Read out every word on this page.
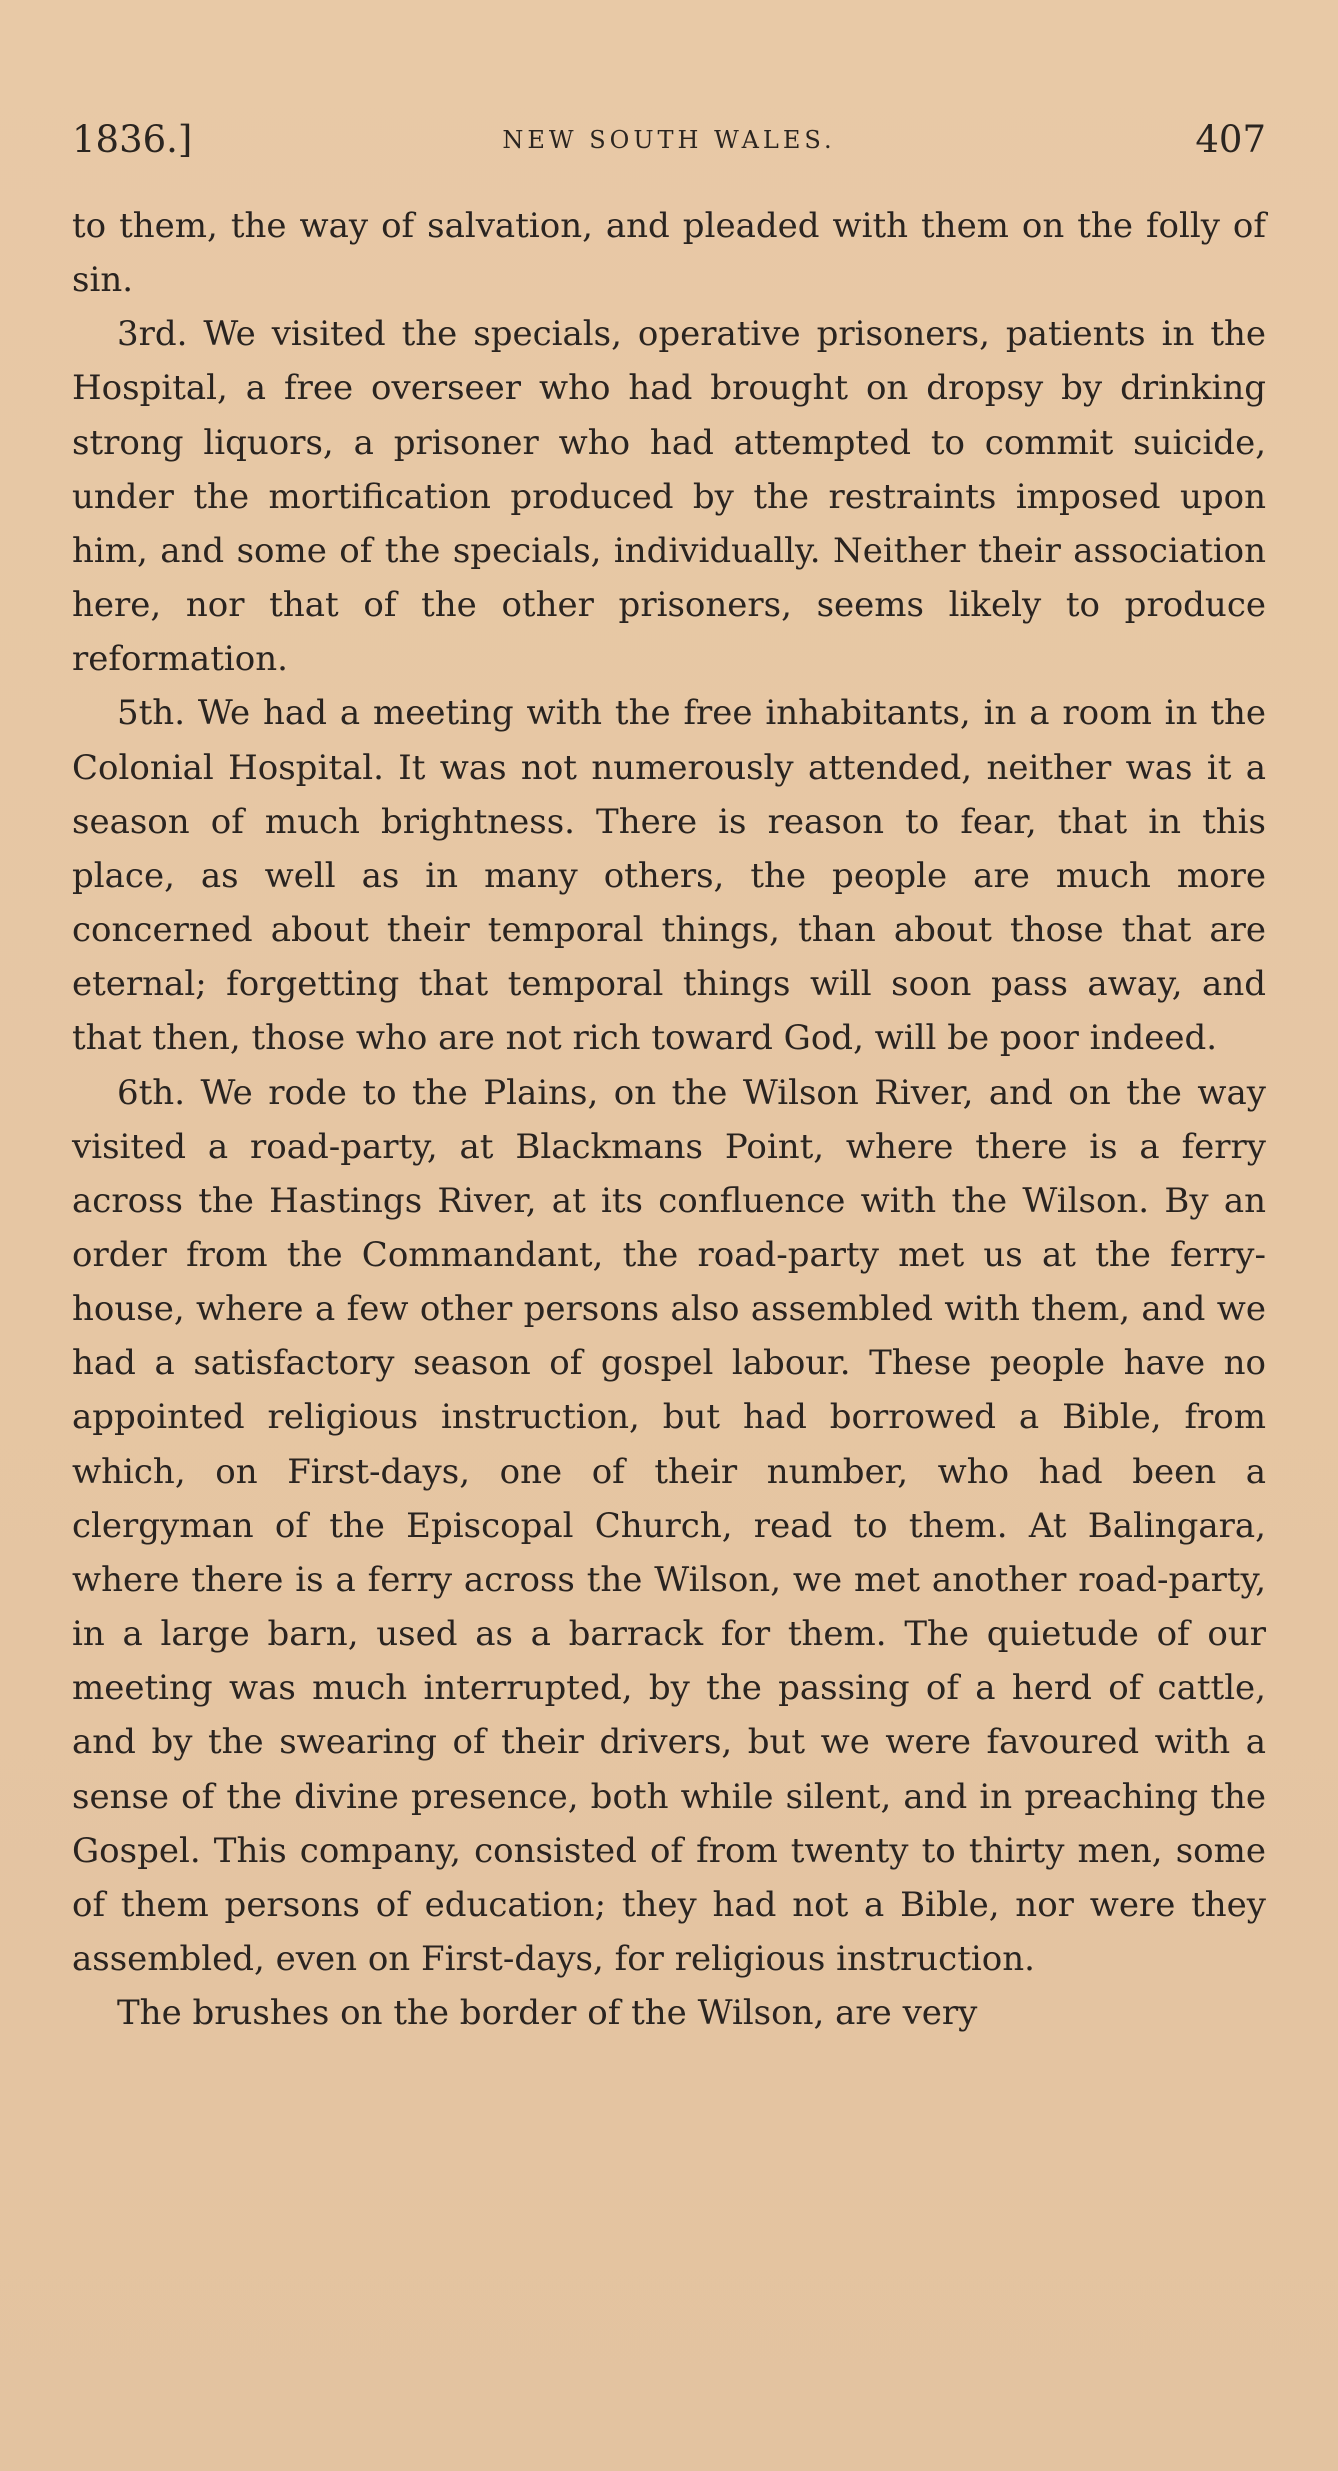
1836.]	NEW SOUTH WALES.	407

to them, the way of salvation, and pleaded with them on the folly of sin.

3rd. We visited the specials, operative prisoners, patients in the Hospital, a free overseer who had brought on dropsy by drinking strong liquors, a prisoner who had attempted to commit suicide, under the mortification produced by the restraints imposed upon him, and some of the specials, individually. Neither their association here, nor that of the other prisoners, seems likely to produce reformation.

5th. We had a meeting with the free inhabitants, in a room in the Colonial Hospital. It was not numerously attended, neither was it a season of much brightness. There is reason to fear, that in this place, as well as in many others, the people are much more concerned about their temporal things, than about those that are eternal; forgetting that temporal things will soon pass away, and that then, those who are not rich toward God, will be poor indeed.

6th. We rode to the Plains, on the Wilson River, and on the way visited a road-party, at Blackmans Point, where there is a ferry across the Hastings River, at its confluence with the Wilson. By an order from the Commandant, the road-party met us at the ferry-house, where a few other persons also assembled with them, and we had a satisfactory season of gospel labour. These people have no appointed religious instruction, but had borrowed a Bible, from which, on First-days, one of their number, who had been a clergyman of the Episcopal Church, read to them. At Balingara, where there is a ferry across the Wilson, we met another road-party, in a large barn, used as a barrack for them. The quietude of our meeting was much interrupted, by the passing of a herd of cattle, and by the swearing of their drivers, but we were favoured with a sense of the divine presence, both while silent, and in preaching the Gospel. This company, consisted of from twenty to thirty men, some of them persons of education; they had not a Bible, nor were they assembled, even on First-days, for religious instruction.

The brushes on the border of the Wilson, are very
